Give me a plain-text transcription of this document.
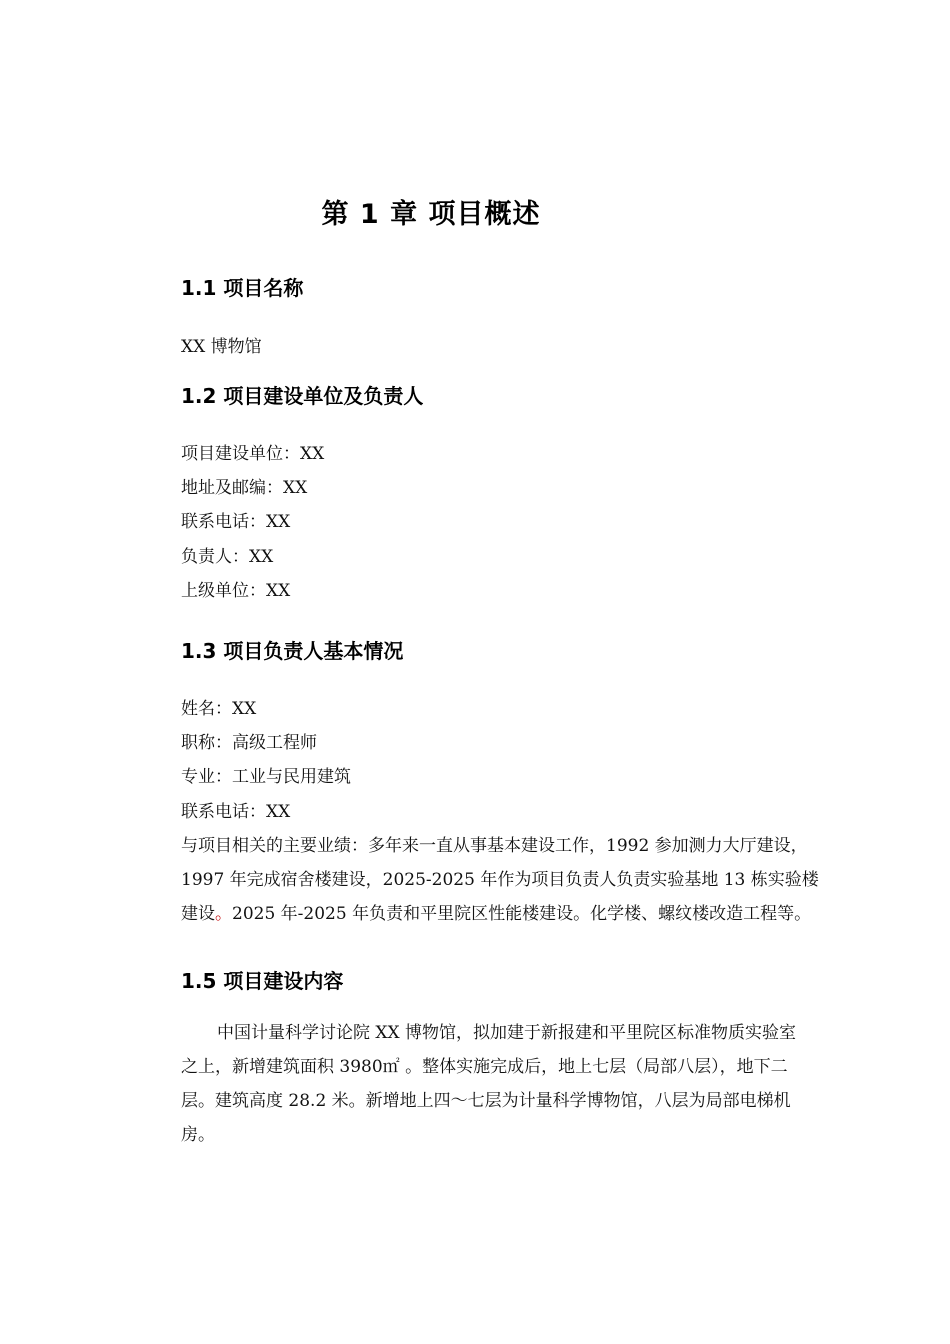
第 1 章 项目概述
1.1 项目名称
XX 博物馆
1.2 项目建设单位及负责人
项目建设单位：XX
地址及邮编：XX
联系电话：XX
负责人：XX
上级单位：XX
1.3 项目负责人基本情况
姓名：XX
职称：高级工程师
专业：工业与民用建筑
联系电话：XX
与项目相关的主要业绩：多年来一直从事基本建设工作，1992 参加测力大厅建设，
1997 年完成宿舍楼建设，2025-2025 年作为项目负责人负责实验基地 13 栋实验楼
建设。2025 年-2025 年负责和平里院区性能楼建设。化学楼、螺纹楼改造工程等。
1.5 项目建设内容
中国计量科学讨论院 XX 博物馆，拟加建于新报建和平里院区标准物质实验室
之上，新增建筑面积 3980㎡ 。整体实施完成后，地上七层（局部八层），地下二
层。建筑高度 28.2 米。新增地上四～七层为计量科学博物馆，八层为局部电梯机
房。
